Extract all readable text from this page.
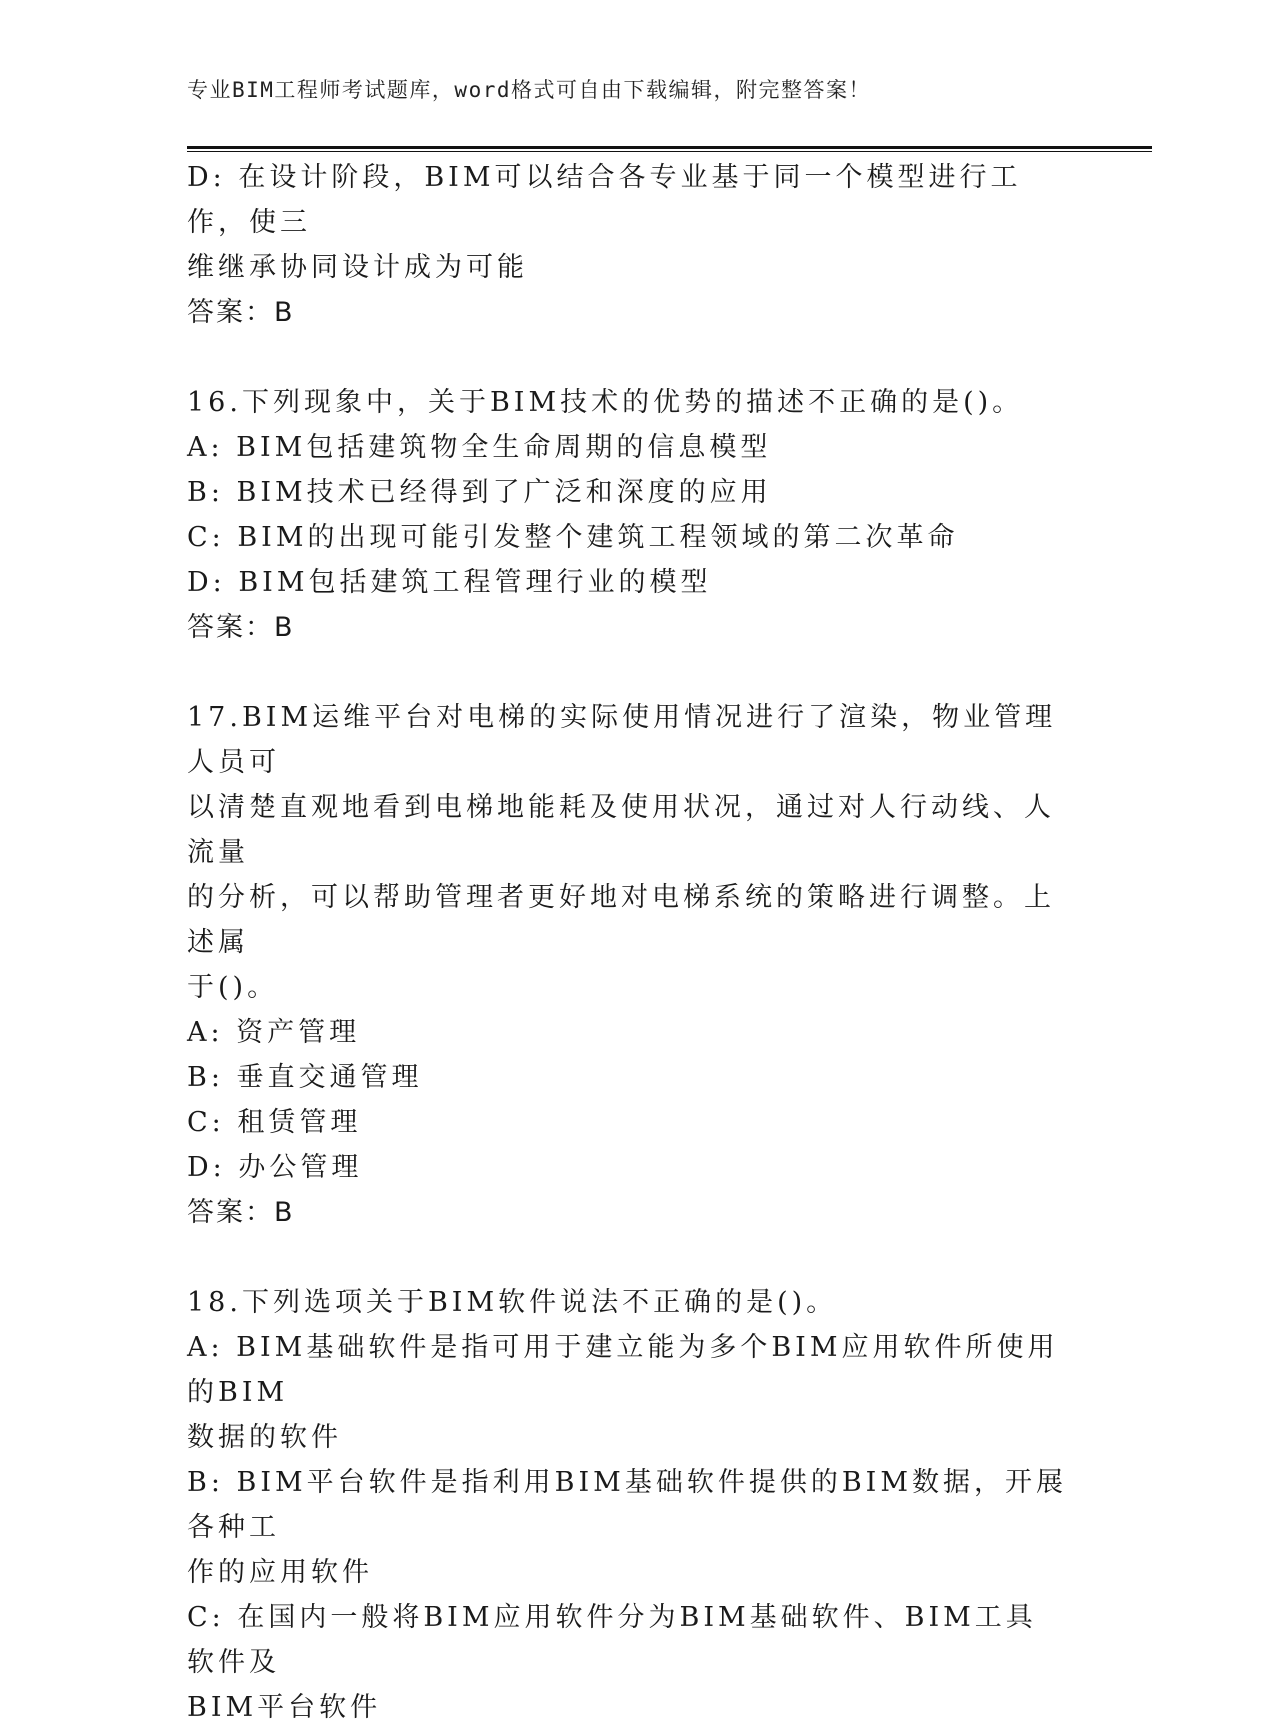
专业BIM工程师考试题库，word格式可自由下载编辑，附完整答案！

D: 在设计阶段，BIM可以结合各专业基于同一个模型进行工作，使三

维继承协同设计成为可能

答案：B

16.下列现象中，关于BIM技术的优势的描述不正确的是()。

A: BIM包括建筑物全生命周期的信息模型

B: BIM技术已经得到了广泛和深度的应用

C: BIM的出现可能引发整个建筑工程领域的第二次革命

D: BIM包括建筑工程管理行业的模型

答案：B

17.BIM运维平台对电梯的实际使用情况进行了渲染，物业管理人员可

以清楚直观地看到电梯地能耗及使用状况，通过对人行动线、人流量

的分析，可以帮助管理者更好地对电梯系统的策略进行调整。上述属

于()。

A: 资产管理

B: 垂直交通管理

C: 租赁管理

D: 办公管理

答案：B

18.下列选项关于BIM软件说法不正确的是()。

A: BIM基础软件是指可用于建立能为多个BIM应用软件所使用的BIM

数据的软件

B: BIM平台软件是指利用BIM基础软件提供的BIM数据，开展各种工

作的应用软件

C: 在国内一般将BIM应用软件分为BIM基础软件、BIM工具软件及

BIM平台软件
